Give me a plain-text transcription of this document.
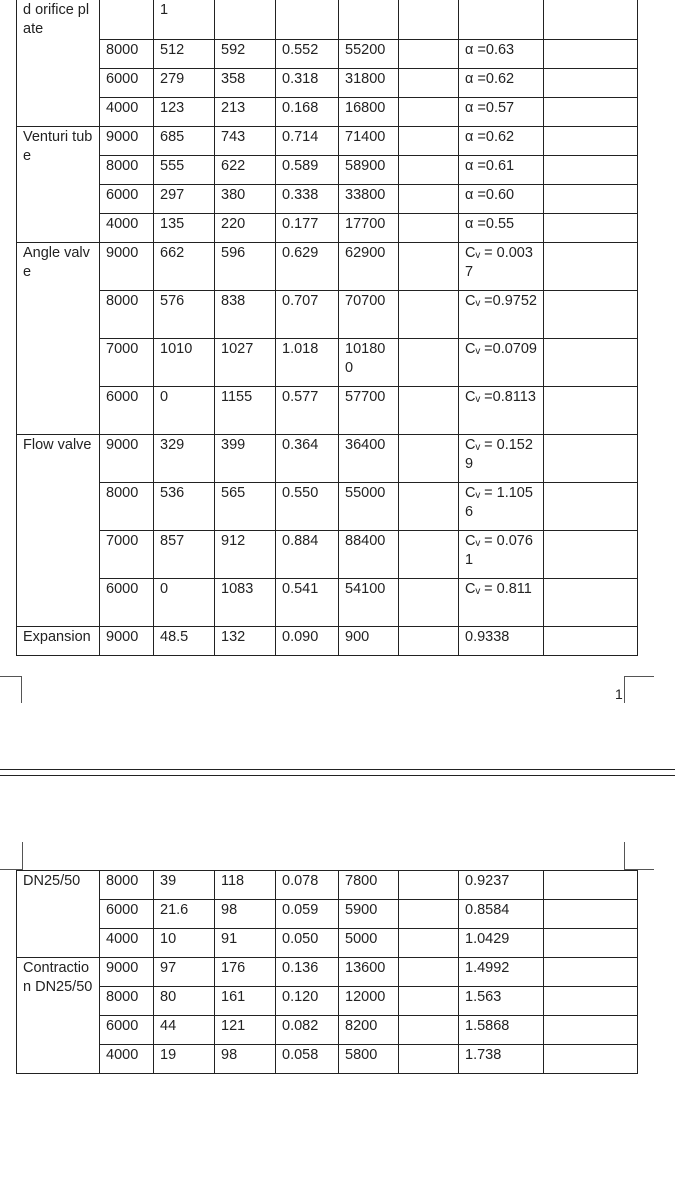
d orifice plate		1						
	8000	512	592	0.552	55200		α =0.63	
	6000	279	358	0.318	31800		α =0.62	
	4000	123	213	0.168	16800		α =0.57	
Venturi tube	9000	685	743	0.714	71400		α =0.62	
	8000	555	622	0.589	58900		α =0.61	
	6000	297	380	0.338	33800		α =0.60	
	4000	135	220	0.177	17700		α =0.55	
Angle valve	9000	662	596	0.629	62900		Cᵥ = 0.0037	
	8000	576	838	0.707	70700		Cᵥ =0.9752	
	7000	1010	1027	1.018	101800		Cᵥ =0.0709	
	6000	0	1155	0.577	57700		Cᵥ =0.8113	
Flow valve	9000	329	399	0.364	36400		Cᵥ = 0.1529	
	8000	536	565	0.550	55000		Cᵥ = 1.1056	
	7000	857	912	0.884	88400		Cᵥ = 0.0761	
	6000	0	1083	0.541	54100		Cᵥ = 0.811	
Expansion	9000	48.5	132	0.090	900		0.9338	
1
DN25/50	8000	39	118	0.078	7800		0.9237	
	6000	21.6	98	0.059	5900		0.8584	
	4000	10	91	0.050	5000		1.0429	
Contraction DN25/50	9000	97	176	0.136	13600		1.4992	
	8000	80	161	0.120	12000		1.563	
	6000	44	121	0.082	8200		1.5868	
	4000	19	98	0.058	5800		1.738	
